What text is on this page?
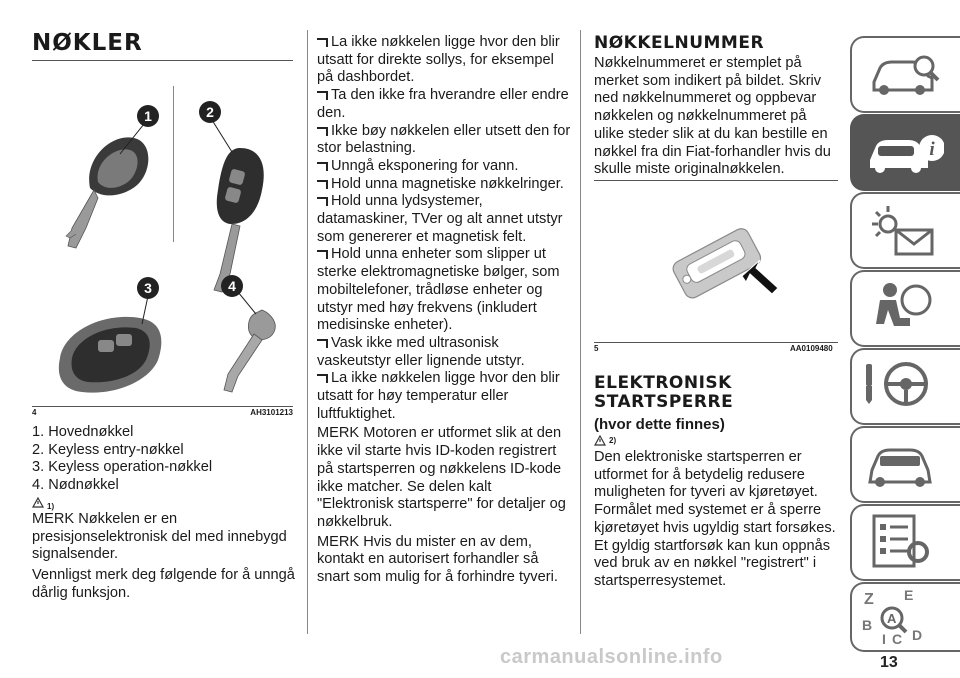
NØKLER
1	2
3	4
4	AH3101213
1. Hovednøkkel
2. Keyless entry-nøkkel
3. Keyless operation-nøkkel
4. Nødnøkkel
1)

MERK Nøkkelen er en presisjonselektronisk del med innebygd signalsender.

Vennligst merk deg følgende for å unngå dårlig funksjon.

La ikke nøkkelen ligge hvor den blir utsatt for direkte sollys, for eksempel på dashbordet.
Ta den ikke fra hverandre eller endre den.
Ikke bøy nøkkelen eller utsett den for stor belastning.
Unngå eksponering for vann.
Hold unna magnetiske nøkkelringer.
Hold unna lydsystemer, datamaskiner, TVer og alt annet utstyr som genererer et magnetisk felt.
Hold unna enheter som slipper ut sterke elektromagnetiske bølger, som mobiltelefoner, trådløse enheter og utstyr med høy frekvens (inkludert medisinske enheter).
Vask ikke med ultrasonisk vaskeutstyr eller lignende utstyr.
La ikke nøkkelen ligge hvor den blir utsatt for høy temperatur eller luftfuktighet.

MERK Motoren er utformet slik at den ikke vil starte hvis ID-koden registrert på startsperren og nøkkelens ID-kode ikke matcher. Se delen kalt "Elektronisk startsperre" for detaljer og nøkkelbruk.

MERK Hvis du mister en av dem, kontakt en autorisert forhandler så snart som mulig for å forhindre tyveri.

NØKKELNUMMER

Nøkkelnummeret er stemplet på merket som indikert på bildet. Skriv ned nøkkelnummeret og oppbevar nøkkelen og nøkkelnummeret på ulike steder slik at du kan bestille en nøkkel fra din Fiat-forhandler hvis du skulle miste originalnøkkelen.

5	AA0109480
ELEKTRONISK
STARTSPERRE
(hvor dette finnes)
2)

Den elektroniske startsperren er utformet for å betydelig redusere muligheten for tyveri av kjøretøyet. Formålet med systemet er å sperre kjøretøyet hvis ugyldig start forsøkes. Et gyldig startforsøk kan kun oppnås ved bruk av en nøkkel "registrert" i startsperresystemet.

i
Z E
B
I C D
A
13
carmanualsonline.info
